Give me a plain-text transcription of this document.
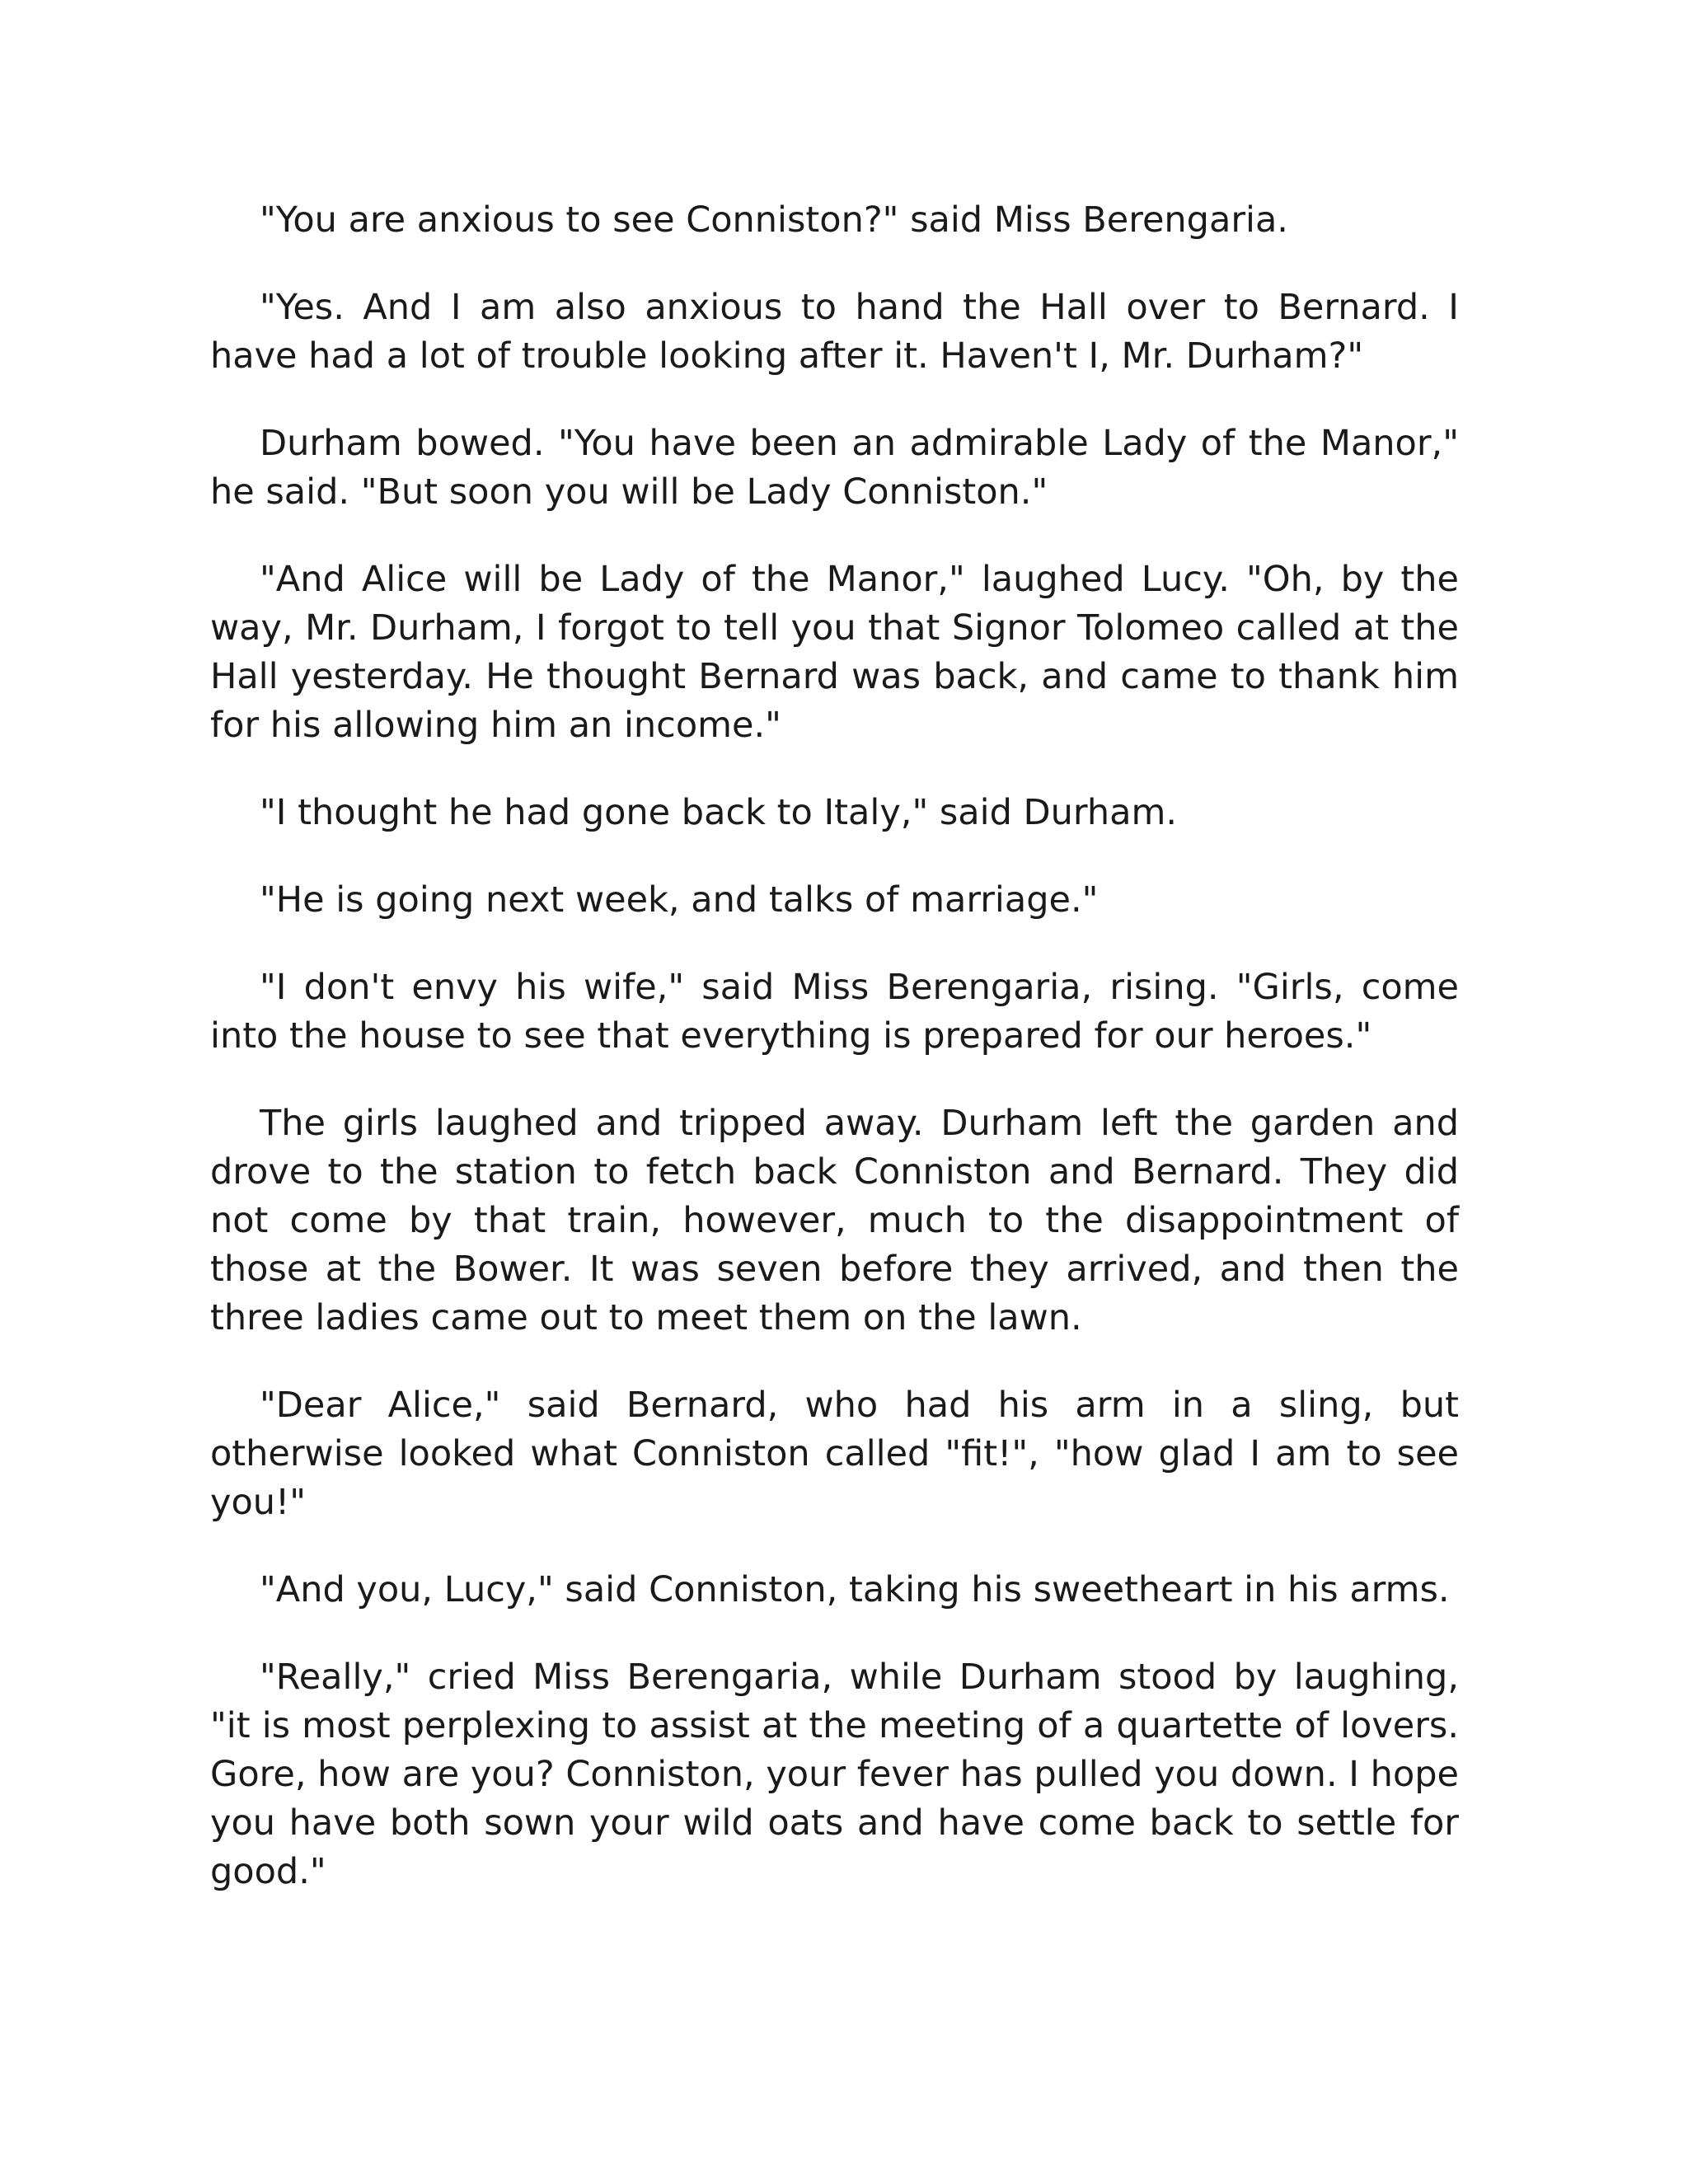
"You are anxious to see Conniston?" said Miss Berengaria.

"Yes. And I am also anxious to hand the Hall over to Bernard. I have had a lot of trouble looking after it. Haven't I, Mr. Durham?"

Durham bowed. "You have been an admirable Lady of the Manor," he said. "But soon you will be Lady Conniston."

"And Alice will be Lady of the Manor," laughed Lucy. "Oh, by the way, Mr. Durham, I forgot to tell you that Signor Tolomeo called at the Hall yesterday. He thought Bernard was back, and came to thank him for his allowing him an income."

"I thought he had gone back to Italy," said Durham.

"He is going next week, and talks of marriage."

"I don't envy his wife," said Miss Berengaria, rising. "Girls, come into the house to see that everything is prepared for our heroes."

The girls laughed and tripped away. Durham left the garden and drove to the station to fetch back Conniston and Bernard. They did not come by that train, however, much to the disappointment of those at the Bower. It was seven before they arrived, and then the three ladies came out to meet them on the lawn.

"Dear Alice," said Bernard, who had his arm in a sling, but otherwise looked what Conniston called "fit!", "how glad I am to see you!"

"And you, Lucy," said Conniston, taking his sweetheart in his arms.

"Really," cried Miss Berengaria, while Durham stood by laughing, "it is most perplexing to assist at the meeting of a quartette of lovers. Gore, how are you? Conniston, your fever has pulled you down. I hope you have both sown your wild oats and have come back to settle for good."
